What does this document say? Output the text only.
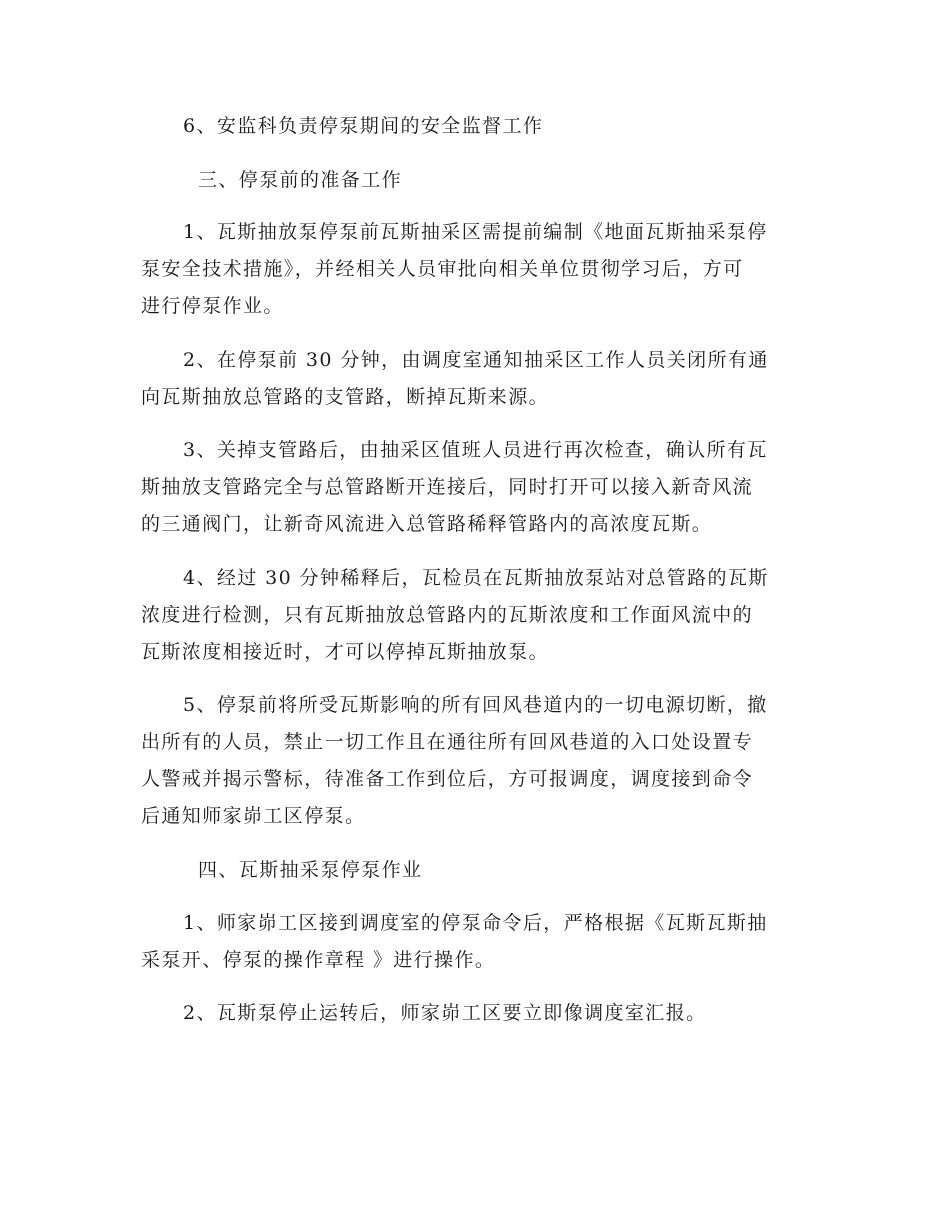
6、安监科负责停泵期间的安全监督工作
三、停泵前的准备工作
1、瓦斯抽放泵停泵前瓦斯抽采区需提前编制《地面瓦斯抽采泵停
泵安全技术措施》，并经相关人员审批向相关单位贯彻学习后，方可
进行停泵作业。
2、在停泵前 30 分钟，由调度室通知抽采区工作人员关闭所有通
向瓦斯抽放总管路的支管路，断掉瓦斯来源。
3、关掉支管路后，由抽采区值班人员进行再次检查，确认所有瓦
斯抽放支管路完全与总管路断开连接后，同时打开可以接入新奇风流
的三通阀门，让新奇风流进入总管路稀释管路内的高浓度瓦斯。
4、经过 30 分钟稀释后，瓦检员在瓦斯抽放泵站对总管路的瓦斯
浓度进行检测，只有瓦斯抽放总管路内的瓦斯浓度和工作面风流中的
瓦斯浓度相接近时，才可以停掉瓦斯抽放泵。
5、停泵前将所受瓦斯影响的所有回风巷道内的一切电源切断，撤
出所有的人员，禁止一切工作且在通往所有回风巷道的入口处设置专
人警戒并揭示警标，待准备工作到位后，方可报调度，调度接到命令
后通知师家峁工区停泵。
四、瓦斯抽采泵停泵作业
1、师家峁工区接到调度室的停泵命令后，严格根据《瓦斯瓦斯抽
采泵开、停泵的操作章程 》进行操作。
2、瓦斯泵停止运转后，师家峁工区要立即像调度室汇报。
